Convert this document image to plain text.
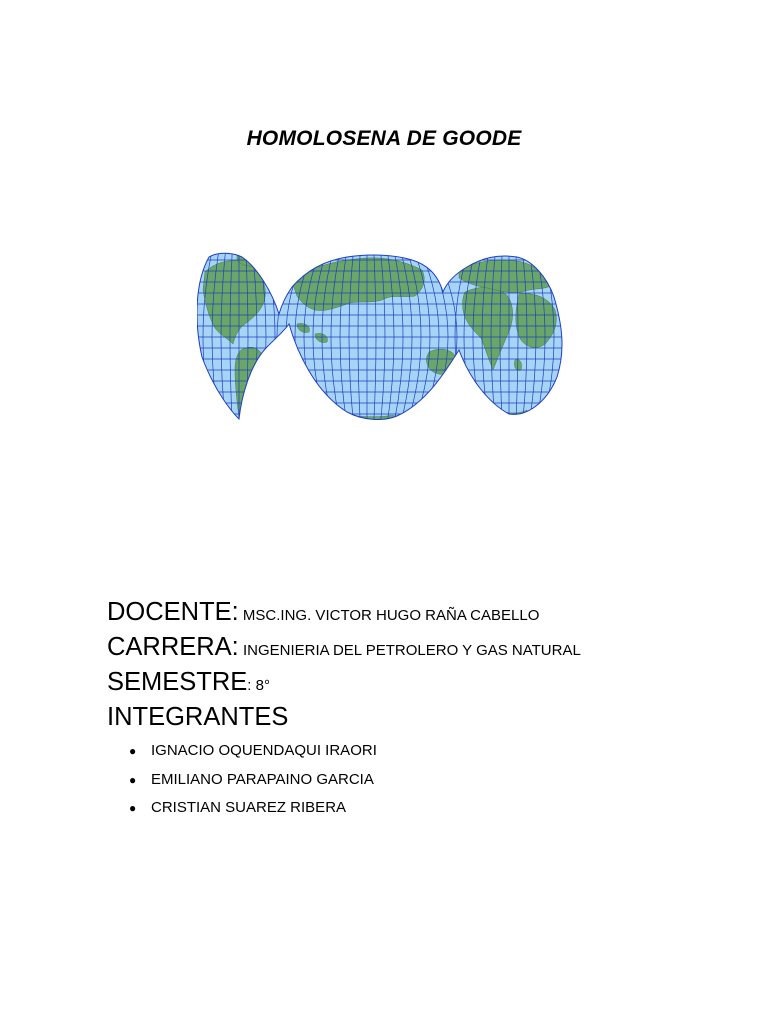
HOMOLOSENA DE GOODE
DOCENTE: MSC.ING. VICTOR HUGO RAÑA CABELLO
CARRERA: INGENIERIA DEL PETROLERO Y GAS NATURAL
SEMESTRE: 8°
INTEGRANTES
● IGNACIO OQUENDAQUI IRAORI
● EMILIANO PARAPAINO GARCIA
● CRISTIAN SUAREZ RIBERA
